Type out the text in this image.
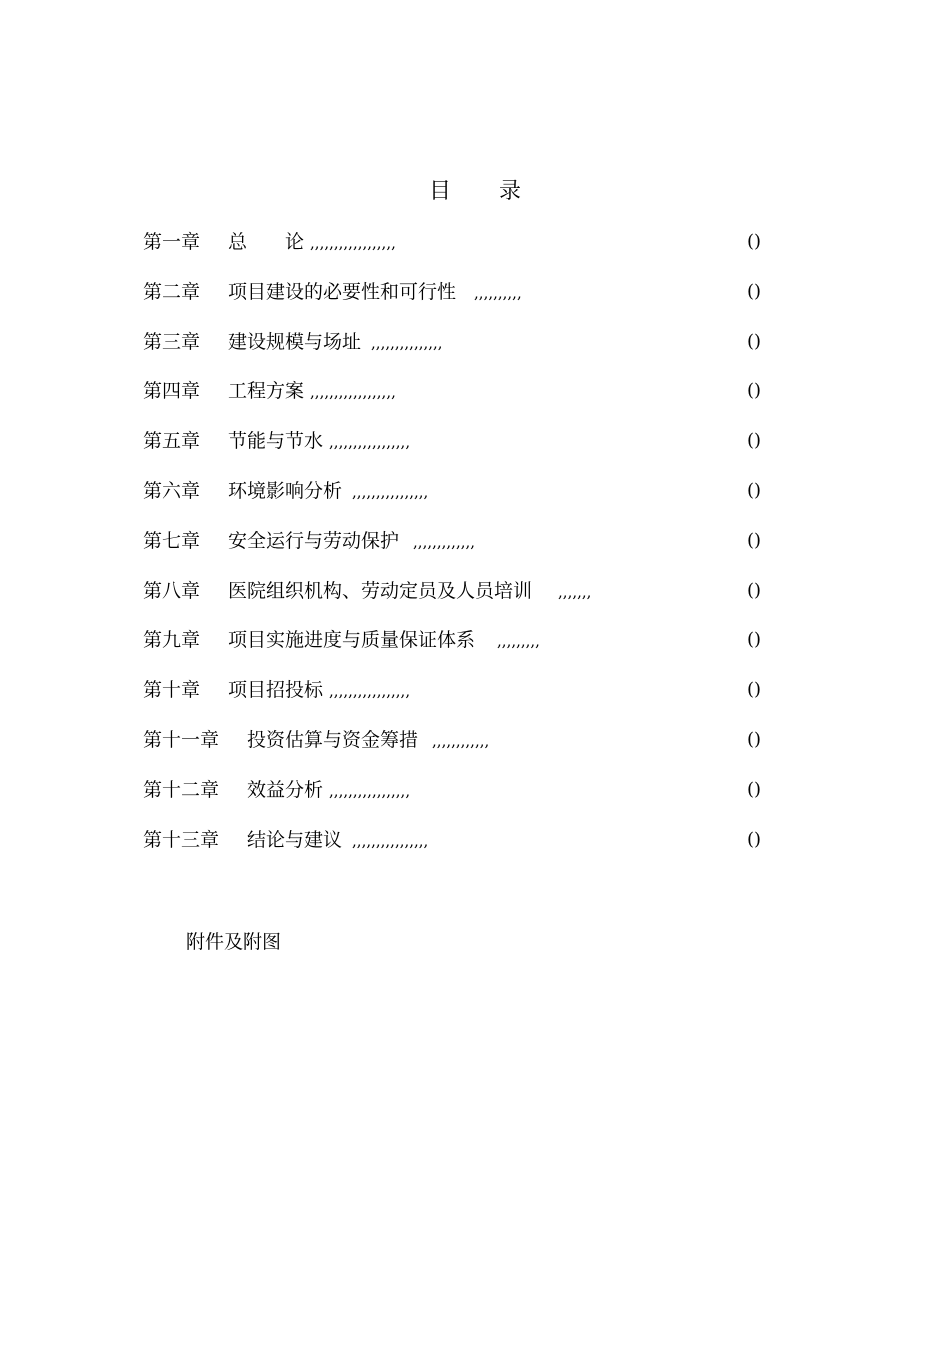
目 录
第一章 总　　论 ,,,,,,,,,,,,,,,,,,	()
第二章 项目建设的必要性和可行性 ,,,,,,,,,,	()
第三章 建设规模与场址 ,,,,,,,,,,,,,,,	()
第四章 工程方案 ,,,,,,,,,,,,,,,,,,	()
第五章 节能与节水 ,,,,,,,,,,,,,,,,,	()
第六章 环境影响分析 ,,,,,,,,,,,,,,,,	()
第七章 安全运行与劳动保护 ,,,,,,,,,,,,,	()
第八章 医院组织机构、劳动定员及人员培训 ,,,,,,,	()
第九章 项目实施进度与质量保证体系 ,,,,,,,,,	()
第十章 项目招投标 ,,,,,,,,,,,,,,,,,	()
第十一章 投资估算与资金筹措 ,,,,,,,,,,,,	()
第十二章 效益分析 ,,,,,,,,,,,,,,,,,	()
第十三章 结论与建议 ,,,,,,,,,,,,,,,,	()
附件及附图
